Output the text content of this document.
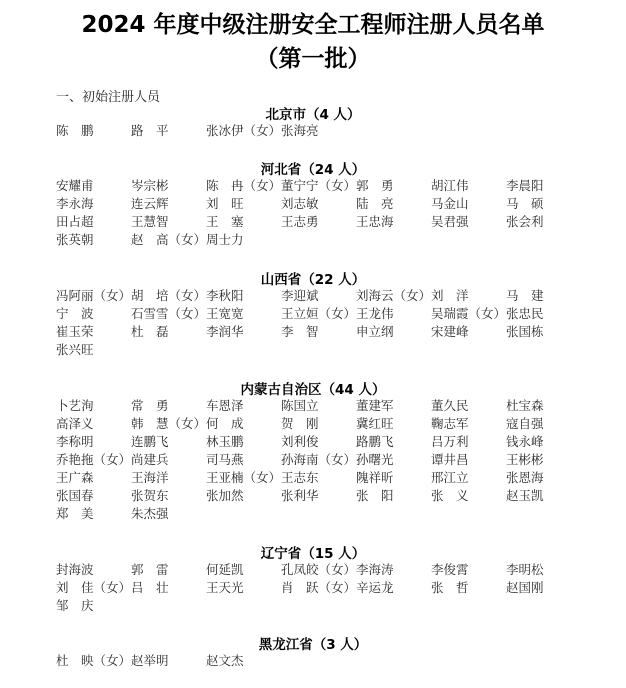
2024 年度中级注册安全工程师注册人员名单
（第一批）
一、初始注册人员
北京市（4 人）
陈　鹏	路　平	张冰伊（女） 张海亮
河北省（24 人）
安耀甫	岑宗彬	陈　冉（女） 董宁宁（女） 郭　勇	胡江伟	李晨阳
李永海	连云辉	刘　旺	刘志敏	陆　亮	马金山	马　硕
田占超	王慧智	王　塞	王志勇	王忠海	吴君强	张会利
张英朝	赵　高（女） 周士力
山西省（22 人）
冯阿丽（女） 胡　培（女） 李秋阳	李迎斌	刘海云（女） 刘　洋	马　建
宁　波	石雪雪（女） 王宽宽	王立姮（女） 王龙伟	吴瑞霞（女） 张忠民
崔玉荣	杜　磊	李润华	李　智	申立纲	宋建峰	张国栋
张兴旺
内蒙古自治区（44 人）
卜艺洵	常　勇	车恩泽	陈国立	董建军	董久民	杜宝森
高泽义	韩　慧（女） 何　成	贺　刚	冀红旺	鞠志军	寇自强
李称明	连鹏飞	林玉鹏	刘利俊	路鹏飞	吕万利	钱永峰
乔艳拖（女） 尚建兵	司马燕	孙海南（女） 孙曙光	谭井昌	王彬彬
王广森	王海洋	王亚楠（女） 王志东	隗祥昕	邢江立	张恩海
张国春	张贺东	张加然	张利华	张　阳	张　义	赵玉凯
郑　美	朱杰强
辽宁省（15 人）
封海波	郭　雷	何延凯	孔凤皎（女） 李海涛	李俊霄	李明松
刘　佳（女） 吕　壮	王天光	肖　跃（女） 辛运龙	张　哲	赵国刚
邹　庆
黑龙江省（3 人）
杜　映（女） 赵举明	赵文杰
